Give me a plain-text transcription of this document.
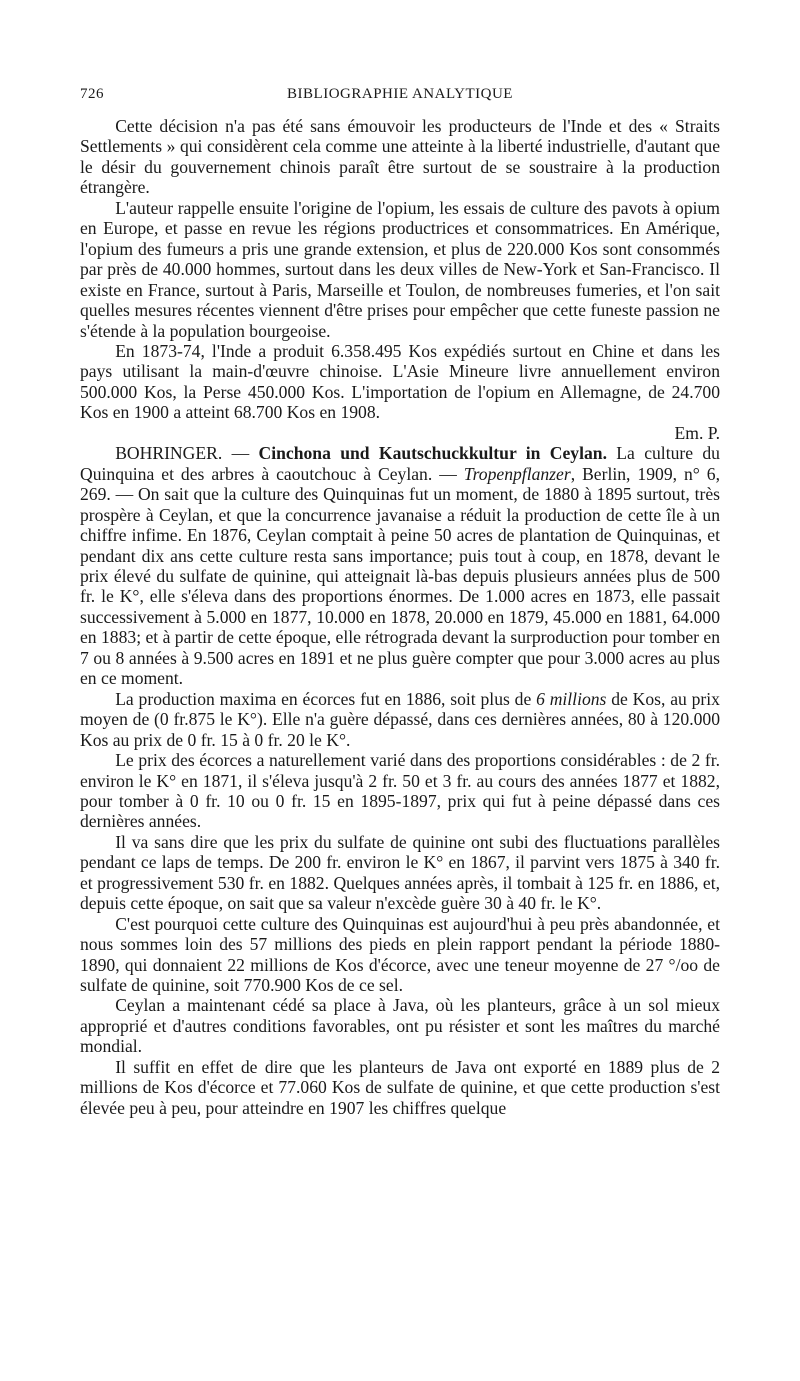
726	BIBLIOGRAPHIE ANALYTIQUE

Cette décision n'a pas été sans émouvoir les producteurs de l'Inde et des « Straits Settlements » qui considèrent cela comme une atteinte à la liberté industrielle, d'autant que le désir du gouvernement chinois paraît être surtout de se soustraire à la production étrangère.

L'auteur rappelle ensuite l'origine de l'opium, les essais de culture des pavots à opium en Europe, et passe en revue les régions productrices et consommatrices. En Amérique, l'opium des fumeurs a pris une grande extension, et plus de 220.000 Kos sont consommés par près de 40.000 hommes, surtout dans les deux villes de New-York et San-Francisco. Il existe en France, surtout à Paris, Marseille et Toulon, de nombreuses fumeries, et l'on sait quelles mesures récentes viennent d'être prises pour empêcher que cette funeste passion ne s'étende à la population bourgeoise.

En 1873-74, l'Inde a produit 6.358.495 Kos expédiés surtout en Chine et dans les pays utilisant la main-d'œuvre chinoise. L'Asie Mineure livre annuellement environ 500.000 Kos, la Perse 450.000 Kos. L'importation de l'opium en Allemagne, de 24.700 Kos en 1900 a atteint 68.700 Kos en 1908.

Em. P.

BOHRINGER. — Cinchona und Kautschuckkultur in Ceylan. La culture du Quinquina et des arbres à caoutchouc à Ceylan. — Tropenpflanzer, Berlin, 1909, n° 6, 269. — On sait que la culture des Quinquinas fut un moment, de 1880 à 1895 surtout, très prospère à Ceylan, et que la concurrence javanaise a réduit la production de cette île à un chiffre infime. En 1876, Ceylan comptait à peine 50 acres de plantation de Quinquinas, et pendant dix ans cette culture resta sans importance; puis tout à coup, en 1878, devant le prix élevé du sulfate de quinine, qui atteignait là-bas depuis plusieurs années plus de 500 fr. le K°, elle s'éleva dans des proportions énormes. De 1.000 acres en 1873, elle passait successivement à 5.000 en 1877, 10.000 en 1878, 20.000 en 1879, 45.000 en 1881, 64.000 en 1883; et à partir de cette époque, elle rétrograda devant la surproduction pour tomber en 7 ou 8 années à 9.500 acres en 1891 et ne plus guère compter que pour 3.000 acres au plus en ce moment.

La production maxima en écorces fut en 1886, soit plus de 6 millions de Kos, au prix moyen de (0 fr.875 le K°). Elle n'a guère dépassé, dans ces dernières années, 80 à 120.000 Kos au prix de 0 fr. 15 à 0 fr. 20 le K°.

Le prix des écorces a naturellement varié dans des proportions considérables : de 2 fr. environ le K° en 1871, il s'éleva jusqu'à 2 fr. 50 et 3 fr. au cours des années 1877 et 1882, pour tomber à 0 fr. 10 ou 0 fr. 15 en 1895-1897, prix qui fut à peine dépassé dans ces dernières années.

Il va sans dire que les prix du sulfate de quinine ont subi des fluctuations parallèles pendant ce laps de temps. De 200 fr. environ le K° en 1867, il parvint vers 1875 à 340 fr. et progressivement 530 fr. en 1882. Quelques années après, il tombait à 125 fr. en 1886, et, depuis cette époque, on sait que sa valeur n'excède guère 30 à 40 fr. le K°.

C'est pourquoi cette culture des Quinquinas est aujourd'hui à peu près abandonnée, et nous sommes loin des 57 millions des pieds en plein rapport pendant la période 1880-1890, qui donnaient 22 millions de Kos d'écorce, avec une teneur moyenne de 27 °/oo de sulfate de quinine, soit 770.900 Kos de ce sel.

Ceylan a maintenant cédé sa place à Java, où les planteurs, grâce à un sol mieux approprié et d'autres conditions favorables, ont pu résister et sont les maîtres du marché mondial.

Il suffit en effet de dire que les planteurs de Java ont exporté en 1889 plus de 2 millions de Kos d'écorce et 77.060 Kos de sulfate de quinine, et que cette production s'est élevée peu à peu, pour atteindre en 1907 les chiffres quelque
